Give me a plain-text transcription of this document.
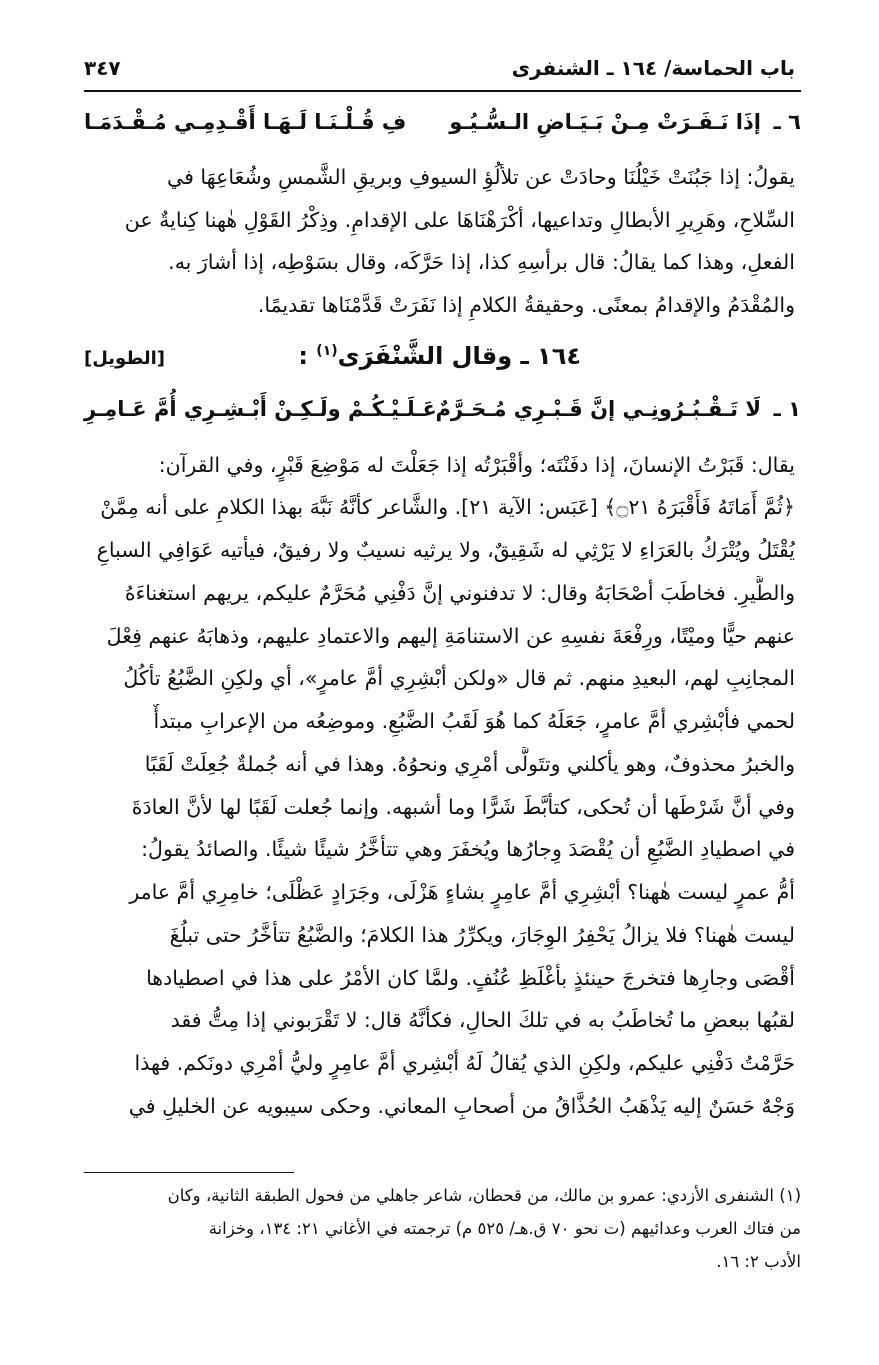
باب الحماسة/ ١٦٤ ـ الشنفرى
٣٤٧
٦ ـ
إذَا نَـفَـرَتْ مِـنْ بَـيَـاضِ الـسُّـيُـو
فِ قُـلْـنَـا لَـهَـا أَقْـدِمِـي مُـقْـدَمَـا
يقولُ: إذا جَبُنَتْ خَيْلُنَا وحادَتْ عن تلألُؤِ السيوفِ وبريقِ الشَّمسِ وشُعَاعِهَا في
السِّلاحِ، وهَرِيرِ الأبطالِ وتداعيها، أكْرَهْنَاهَا على الإقدامِ. وذِكْرُ القَوْلِ هٰهنا كِنايةٌ عن
الفعلِ، وهذا كما يقالُ: قال برأسِهِ كذا، إذا حَرَّكَه، وقال بسَوْطِه، إذا أشارَ به.
والمُقْدَمُ والإقدامُ بمعنًى. وحقيقةُ الكلامِ إذا نَفَرَتْ قَدَّمْنَاها تقديمًا.
١٦٤ ـ وقال الشَّنْفَرَى$^{(١)}$ :
[الطويل]
١ ـ
لَا تَـقْـبُـرُونِـي إنَّ قَـبْـرِي مُـحَـرَّمٌ
عَـلَـيْـكُـمْ ولَـكِـنْ أَبْـشِـرِي أُمَّ عَـامِـرِ
يقال: قَبَرْتُ الإنسانَ، إذا دفَنْتَه؛ وأقْبَرْتُه إذا جَعَلْتَ له مَوْضِعَ قَبْرٍ، وفي القرآن:
﴿ثُمَّ أَمَاتَهُ فَأَقْبَرَهُ ۝٢١﴾ [عَبَس: الآية ٢١]. والشَّاعر كأنَّهُ نَبَّهَ بهذا الكلامِ على أنه مِمَّنْ
يُقْتَلُ ويُتْرَكُ بالعَرَاءِ لا يَرْثِي له شَقِيقٌ، ولا يرثيه نسيبٌ ولا رفيقٌ، فيأتيه عَوَافِي السباعِ
والطَّيرِ. فخاطَبَ أصْحَابَهُ وقال: لا تدفنوني إنَّ دَفْنِي مُحَرَّمٌ عليكم، يريهم استغناءَهُ
عنهم حيًّا وميْتًا، ورِفْعَةَ نفسِهِ عن الاستنامَةِ إليهم والاعتمادِ عليهم، وذهابَهُ عنهم فِعْلَ
المجانِبِ لهم، البعيدِ منهم. ثم قال «ولكن أبْشِرِي أمَّ عامرٍ»، أي ولكِنِ الضَّبُعُ تأكُلُ
لحمي فأبْشِري أمَّ عامرٍ، جَعَلَهُ كما هُوَ لَقَبُ الضَّبُعِ. وموضِعُه من الإعرابِ مبتدأٌ
والخبرُ محذوفٌ، وهو يأكلني وتتَولَّى أمْرِي ونحوُهُ. وهذا في أنه جُملةٌ جُعِلَتْ لَقَبًا
وفي أنَّ شَرْطَها أن تُحكى، كتأبَّطَ شَرًّا وما أشبهه. وإنما جُعلت لَقَبًا لها لأنَّ العادَةَ
في اصطيادِ الضَّبُعِ أن يُقْصَدَ وِجارُها ويُخفَرَ وهي تتأخَّرُ شيئًا شيئًا. والصائدُ يقولُ:
أمُّ عمرٍ ليست هٰهنا؟ أبْشِرِي أمَّ عامِرٍ بشاءٍ هَزْلَى، وجَرَادٍ عَظْلَى؛ خامِرِي أمَّ عامر
ليست هٰهنا؟ فلا يزالُ يَحْفِرُ الوِجَارَ، ويكرِّرُ هذا الكلامَ؛ والضَّبُعُ تتأخَّرُ حتى تبلُغَ
أقْصَى وجارِها فتخرجَ حينئذٍ بأغْلَظِ عُنُفٍ. ولمَّا كان الأمْرُ على هذا في اصطيادها
لقبُها ببعضِ ما تُخاطَبُ به في تلكَ الحالِ، فكأنَّهُ قال: لا تَقْرَبوني إذا مِتُّ فقد
حَرَّمْتُ دَفْنِي عليكم، ولكِنِ الذي يُقالُ لَهُ أبْشِري أمَّ عامِرٍ وليُّ أمْرِي دونَكم. فهذا
وَجْهٌ حَسَنٌ إليه يَذْهَبُ الحُذَّاقُ من أصحابِ المعاني. وحكى سيبويه عن الخليلِ في
(١) الشنفرى الأزدي: عمرو بن مالك، من قحطان، شاعر جاهلي من فحول الطبقة الثانية، وكان
من فتاك العرب وعدائيهم (ت نحو ٧٠ ق.هـ/ ٥٢٥ م) ترجمته في الأغاني ٢١: ١٣٤، وخزانة
الأدب ٢: ١٦.
